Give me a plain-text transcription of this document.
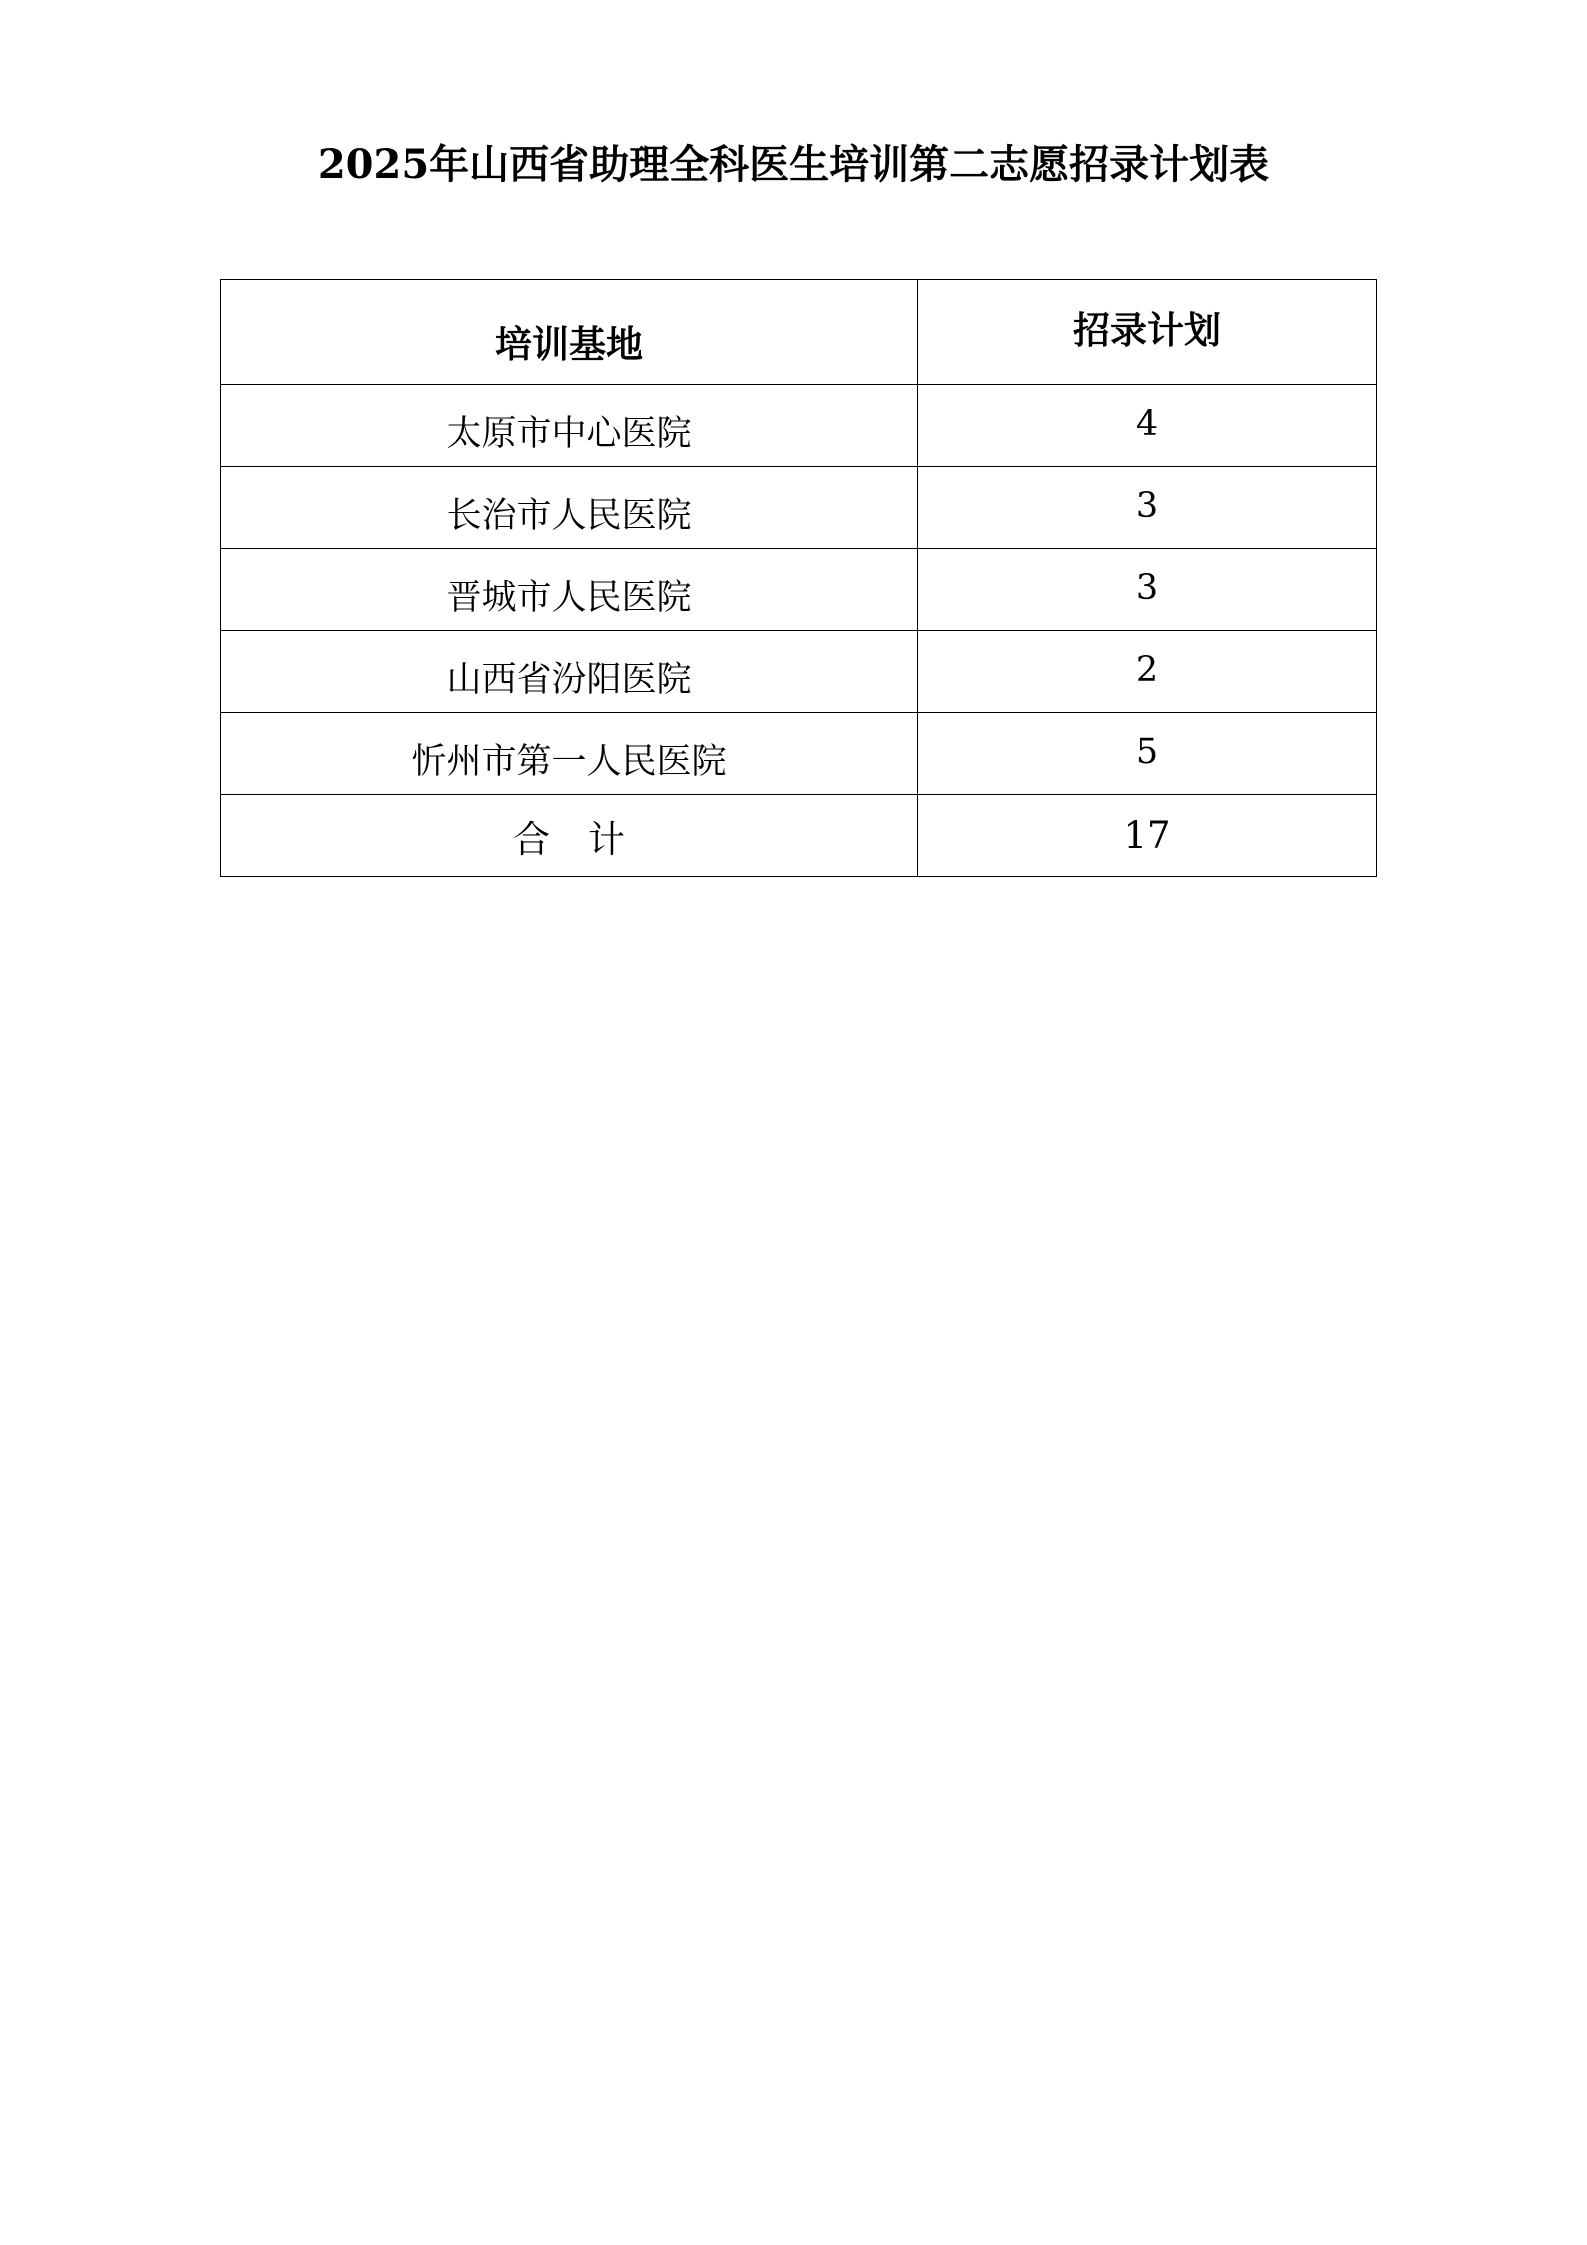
2025年山西省助理全科医生培训第二志愿招录计划表
培训基地	招录计划
太原市中心医院	4
长治市人民医院	3
晋城市人民医院	3
山西省汾阳医院	2
忻州市第一人民医院	5
合计	17
